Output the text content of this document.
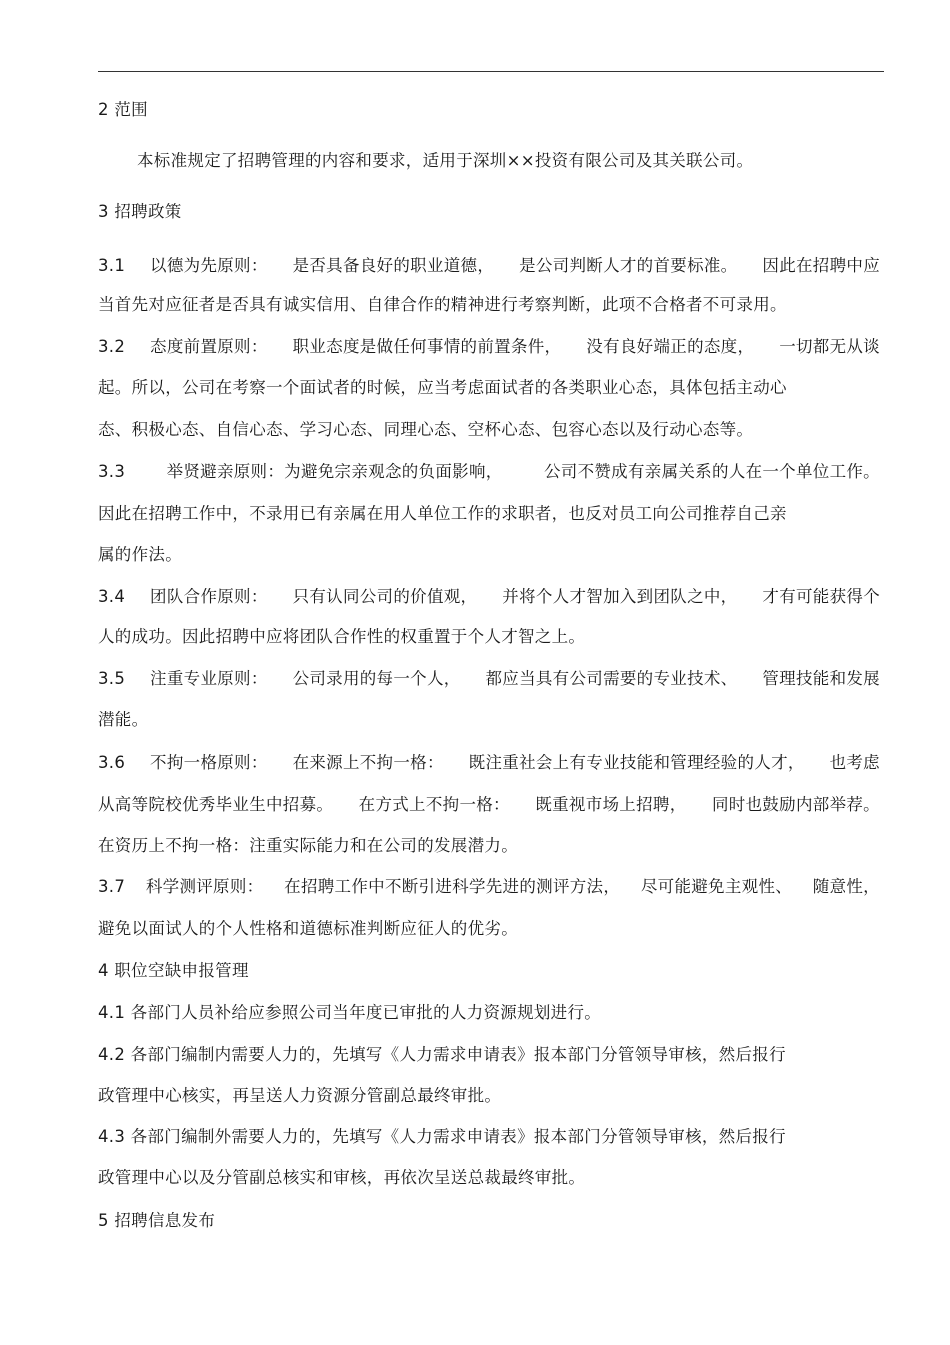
2 范围
本标准规定了招聘管理的内容和要求，适用于深圳××投资有限公司及其关联公司。
3 招聘政策
3.1 以德为先原则： 是否具备良好的职业道德， 是公司判断人才的首要标准。 因此在招聘中应
当首先对应征者是否具有诚实信用、自律合作的精神进行考察判断，此项不合格者不可录用。
3.2 态度前置原则： 职业态度是做任何事情的前置条件， 没有良好端正的态度， 一切都无从谈
起。所以，公司在考察一个面试者的时候，应当考虑面试者的各类职业心态，具体包括主动心
态、积极心态、自信心态、学习心态、同理心态、空杯心态、包容心态以及行动心态等。
3.3	举贤避亲原则：为避免宗亲观念的负面影响，	公司不赞成有亲属关系的人在一个单位工作。
因此在招聘工作中，不录用已有亲属在用人单位工作的求职者，也反对员工向公司推荐自己亲
属的作法。
3.4 团队合作原则： 只有认同公司的价值观， 并将个人才智加入到团队之中， 才有可能获得个
人的成功。因此招聘中应将团队合作性的权重置于个人才智之上。
3.5 注重专业原则： 公司录用的每一个人， 都应当具有公司需要的专业技术、 管理技能和发展
潜能。
3.6 不拘一格原则： 在来源上不拘一格： 既注重社会上有专业技能和管理经验的人才， 也考虑
从高等院校优秀毕业生中招募。 在方式上不拘一格： 既重视市场上招聘， 同时也鼓励内部举荐。
在资历上不拘一格：注重实际能力和在公司的发展潜力。
3.7 科学测评原则： 在招聘工作中不断引进科学先进的测评方法， 尽可能避免主观性、 随意性，
避免以面试人的个人性格和道德标准判断应征人的优劣。
4 职位空缺申报管理
4.1 各部门人员补给应参照公司当年度已审批的人力资源规划进行。
4.2 各部门编制内需要人力的，先填写《人力需求申请表》报本部门分管领导审核，然后报行
政管理中心核实，再呈送人力资源分管副总最终审批。
4.3 各部门编制外需要人力的，先填写《人力需求申请表》报本部门分管领导审核，然后报行
政管理中心以及分管副总核实和审核，再依次呈送总裁最终审批。
5 招聘信息发布
